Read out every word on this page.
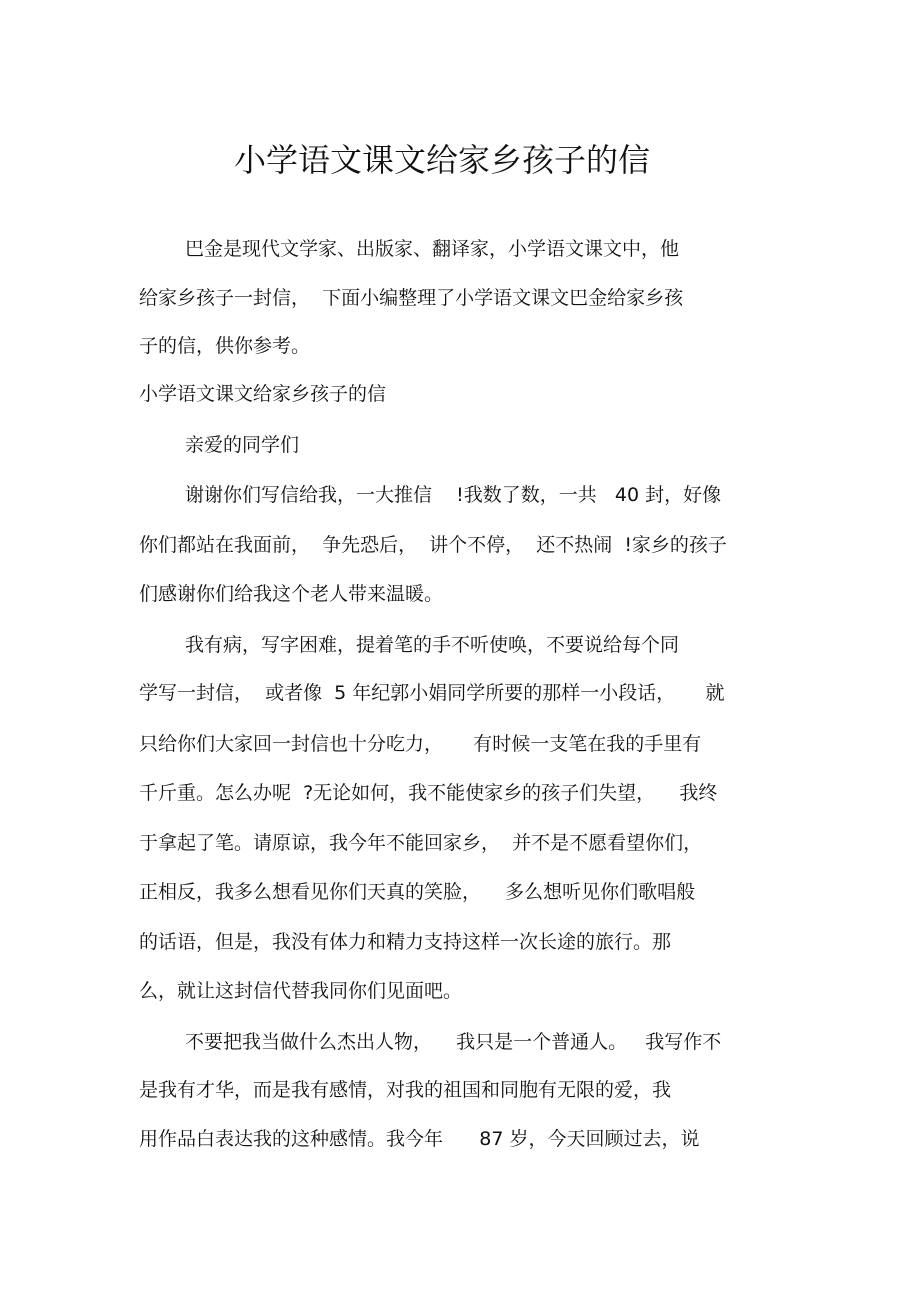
小学语文课文给家乡孩子的信
巴金是现代文学家、出版家、翻译家，小学语文课文中，他
给家乡孩子一封信，  下面小编整理了小学语文课文巴金给家乡孩
子的信，供你参考。
小学语文课文给家乡孩子的信
亲爱的同学们
谢谢你们写信给我，一大推信    !我数了数，一共   40 封，好像
你们都站在我面前，  争先恐后，  讲个不停，  还不热闹  !家乡的孩子
们感谢你们给我这个老人带来温暖。
我有病，写字困难，提着笔的手不听使唤，不要说给每个同
学写一封信，  或者像  5 年纪郭小娟同学所要的那样一小段话，     就
只给你们大家回一封信也十分吃力，     有时候一支笔在我的手里有
千斤重。怎么办呢  ?无论如何，我不能使家乡的孩子们失望，    我终
于拿起了笔。请原谅，我今年不能回家乡，  并不是不愿看望你们，
正相反，我多么想看见你们天真的笑脸，    多么想听见你们歌唱般
的话语，但是，我没有体力和精力支持这样一次长途的旅行。那
么，就让这封信代替我同你们见面吧。
不要把我当做什么杰出人物，    我只是一个普通人。   我写作不
是我有才华，而是我有感情，对我的祖国和同胞有无限的爱，我
用作品白表达我的这种感情。我今年      87 岁，今天回顾过去，说
